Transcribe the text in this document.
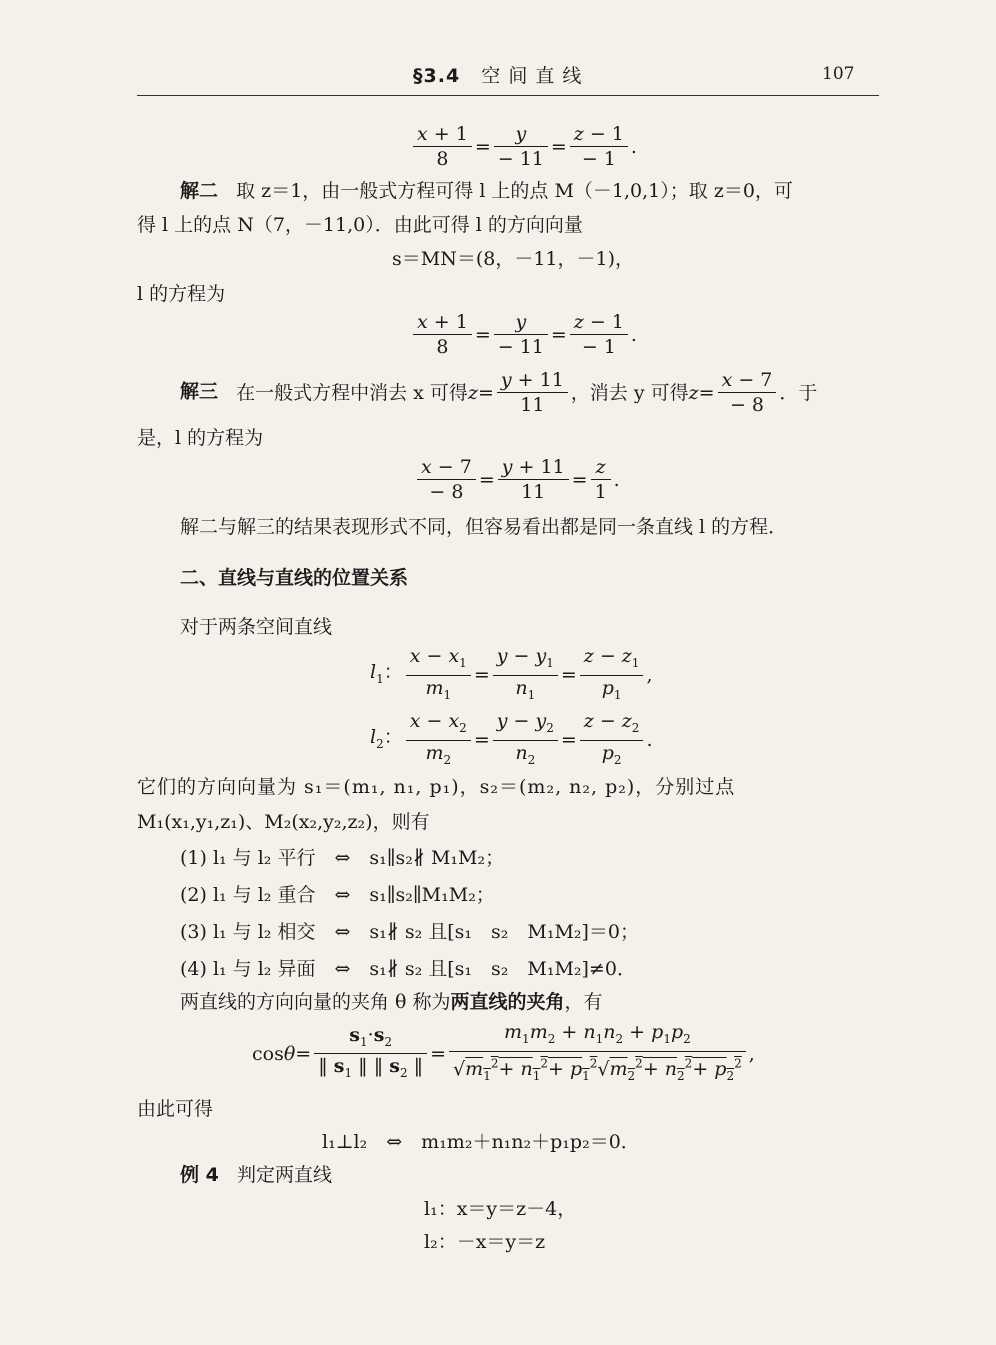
§3.4 空 间 直 线	107
$\frac{x + 1}{8} = \frac{y}{- 11} = \frac{z - 1}{- 1}$ .
解二 取 z＝1，由一般式方程可得 l 上的点 M（－1,0,1）；取 z＝0，可
得 l 上的点 N（7，－11,0）．由此可得 l 的方向向量
s＝MN＝(8，－11，－1)，
l 的方程为
$\frac{x + 1}{8} = \frac{y}{- 11} = \frac{z - 1}{- 1}$ .
解三 在一般式方程中消去 x 可得$z= \frac{y + 11}{11}$ ，消去 y 可得$z= \frac{x - 7}{- 8}$ ．于
是，l 的方程为
$\frac{x - 7}{- 8} = \frac{y + 11}{11} = \frac{z}{1}$ .
解二与解三的结果表现形式不同，但容易看出都是同一条直线 l 的方程．
二、直线与直线的位置关系
对于两条空间直线
$l_1$： $\frac{x - x_1}{m_1} = \frac{y - y_1}{n_1} = \frac{z - z_1}{p_1}$ ,
$l_2$： $\frac{x - x_2}{m_2} = \frac{y - y_2}{n_2} = \frac{z - z_2}{p_2}$ .
它们的方向向量为 s₁＝(m₁, n₁, p₁)，s₂＝(m₂, n₂, p₂)，分别过点
M₁(x₁,y₁,z₁)、M₂(x₂,y₂,z₂)，则有
(1) l₁ 与 l₂ 平行　⇔　s₁∥s₂∦ M₁M₂；
(2) l₁ 与 l₂ 重合　⇔　s₁∥s₂∥M₁M₂；
(3) l₁ 与 l₂ 相交　⇔　s₁∦ s₂ 且[s₁　s₂　M₁M₂]＝0；
(4) l₁ 与 l₂ 异面　⇔　s₁∦ s₂ 且[s₁　s₂　M₁M₂]≠0．
两直线的方向向量的夹角 θ 称为两直线的夹角，有
$\cos\theta= \frac{s_1\cdot s_2}{‖ s_1 ‖ ‖ s_2 ‖} = \frac{m_1m_2 + n_1n_2 + p_1p_2}{√m_1^2+ n_1^2+ p_1^2√m_2^2+ n_2^2+ p_2^2}$ ,
由此可得
l₁⊥l₂　⇔　m₁m₂＋n₁n₂＋p₁p₂＝0．
例 4 判定两直线
l₁：x＝y＝z－4，
l₂：－x＝y＝z
